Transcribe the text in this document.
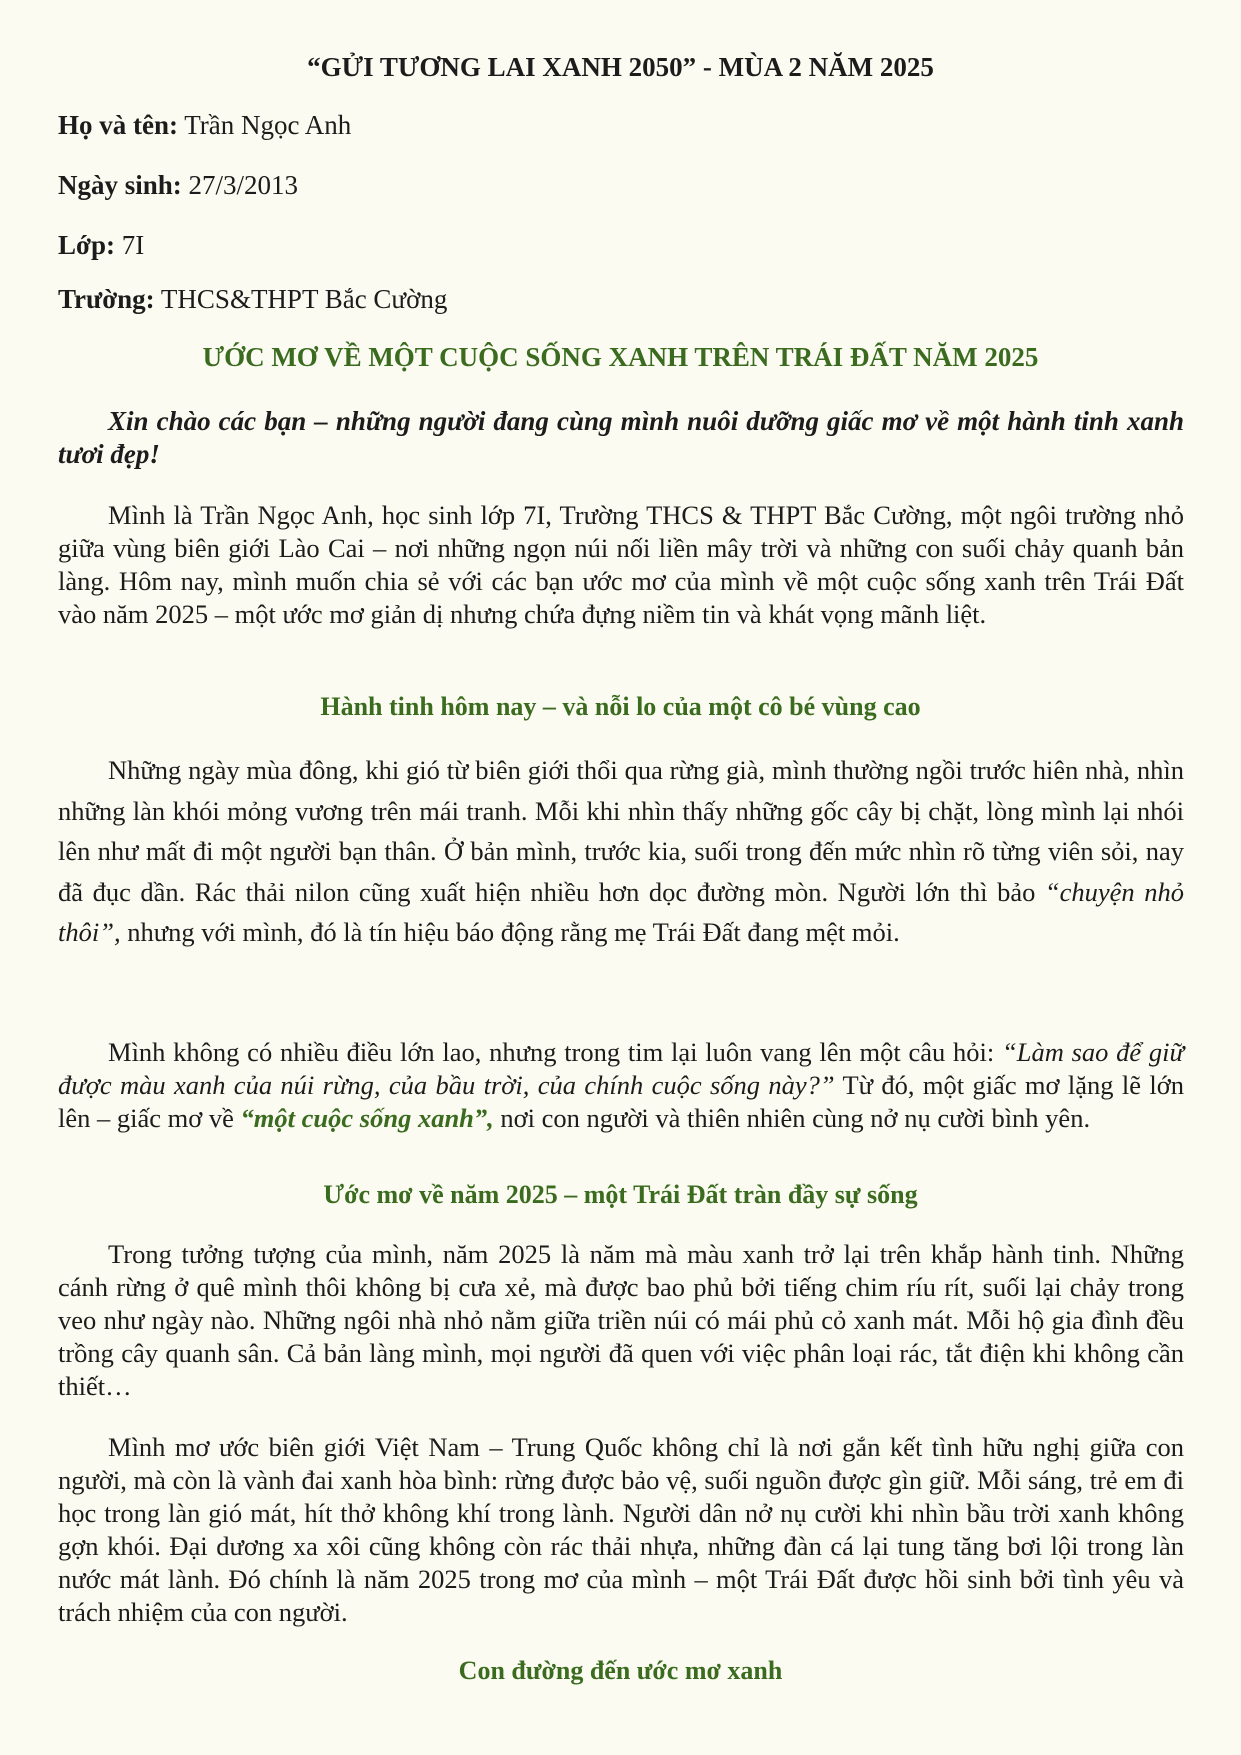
“GỬI TƯƠNG LAI XANH 2050” - MÙA 2 NĂM 2025

Họ và tên: Trần Ngọc Anh

Ngày sinh: 27/3/2013

Lớp: 7I

Trường: THCS&THPT Bắc Cường

ƯỚC MƠ VỀ MỘT CUỘC SỐNG XANH TRÊN TRÁI ĐẤT NĂM 2025

Xin chào các bạn – những người đang cùng mình nuôi dưỡng giấc mơ về một hành tinh xanh tươi đẹp!

Mình là Trần Ngọc Anh, học sinh lớp 7I, Trường THCS & THPT Bắc Cường, một ngôi trường nhỏ giữa vùng biên giới Lào Cai – nơi những ngọn núi nối liền mây trời và những con suối chảy quanh bản làng. Hôm nay, mình muốn chia sẻ với các bạn ước mơ của mình về một cuộc sống xanh trên Trái Đất vào năm 2025 – một ước mơ giản dị nhưng chứa đựng niềm tin và khát vọng mãnh liệt.

Hành tinh hôm nay – và nỗi lo của một cô bé vùng cao

Những ngày mùa đông, khi gió từ biên giới thổi qua rừng già, mình thường ngồi trước hiên nhà, nhìn những làn khói mỏng vương trên mái tranh. Mỗi khi nhìn thấy những gốc cây bị chặt, lòng mình lại nhói lên như mất đi một người bạn thân. Ở bản mình, trước kia, suối trong đến mức nhìn rõ từng viên sỏi, nay đã đục dần. Rác thải nilon cũng xuất hiện nhiều hơn dọc đường mòn. Người lớn thì bảo “chuyện nhỏ thôi”, nhưng với mình, đó là tín hiệu báo động rằng mẹ Trái Đất đang mệt mỏi.

Mình không có nhiều điều lớn lao, nhưng trong tim lại luôn vang lên một câu hỏi: “Làm sao để giữ được màu xanh của núi rừng, của bầu trời, của chính cuộc sống này?” Từ đó, một giấc mơ lặng lẽ lớn lên – giấc mơ về “một cuộc sống xanh”, nơi con người và thiên nhiên cùng nở nụ cười bình yên.

Ước mơ về năm 2025 – một Trái Đất tràn đầy sự sống

Trong tưởng tượng của mình, năm 2025 là năm mà màu xanh trở lại trên khắp hành tinh. Những cánh rừng ở quê mình thôi không bị cưa xẻ, mà được bao phủ bởi tiếng chim ríu rít, suối lại chảy trong veo như ngày nào. Những ngôi nhà nhỏ nằm giữa triền núi có mái phủ cỏ xanh mát. Mỗi hộ gia đình đều trồng cây quanh sân. Cả bản làng mình, mọi người đã quen với việc phân loại rác, tắt điện khi không cần thiết…

Mình mơ ước biên giới Việt Nam – Trung Quốc không chỉ là nơi gắn kết tình hữu nghị giữa con người, mà còn là vành đai xanh hòa bình: rừng được bảo vệ, suối nguồn được gìn giữ. Mỗi sáng, trẻ em đi học trong làn gió mát, hít thở không khí trong lành. Người dân nở nụ cười khi nhìn bầu trời xanh không gợn khói. Đại dương xa xôi cũng không còn rác thải nhựa, những đàn cá lại tung tăng bơi lội trong làn nước mát lành. Đó chính là năm 2025 trong mơ của mình – một Trái Đất được hồi sinh bởi tình yêu và trách nhiệm của con người.

Con đường đến ước mơ xanh
